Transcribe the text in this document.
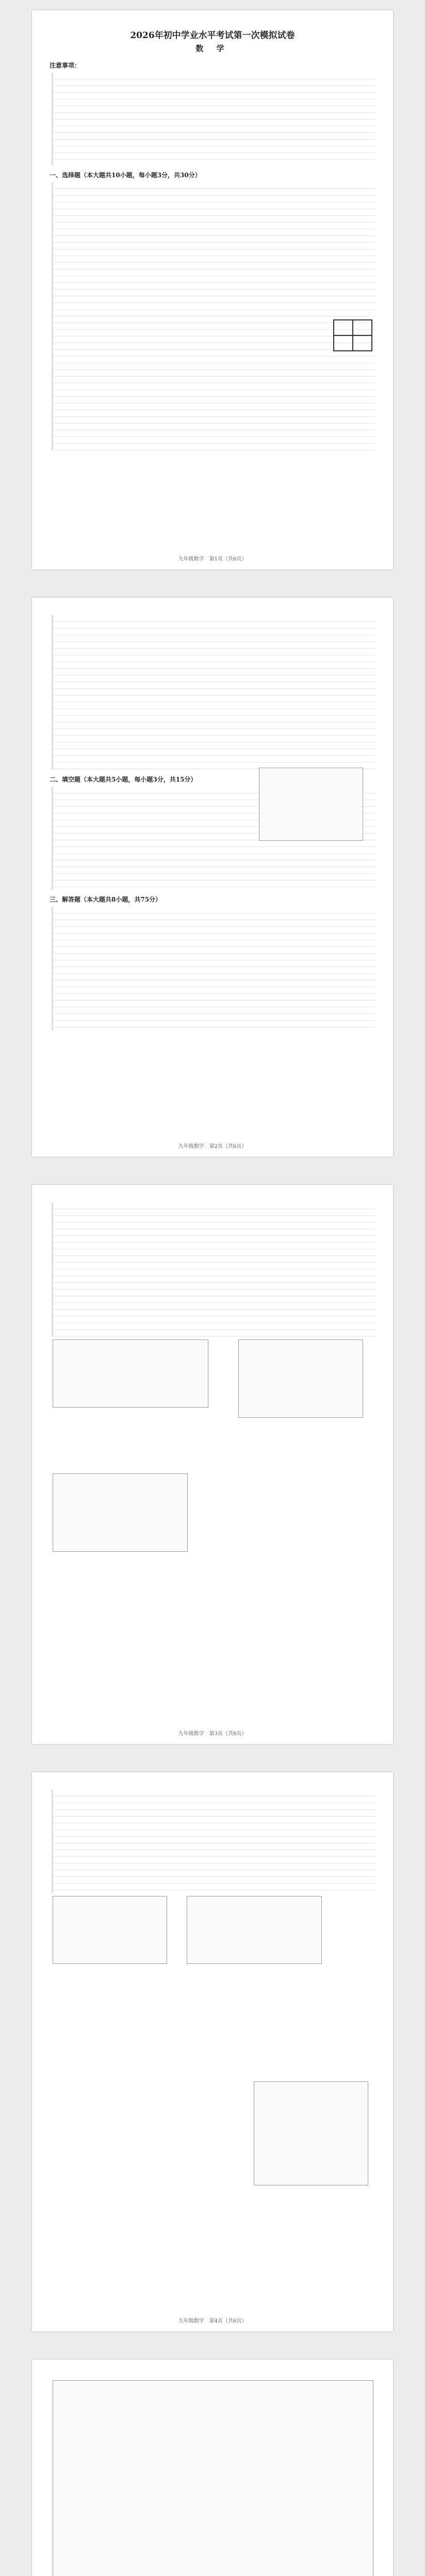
2026年初中学业水平考试第一次模拟试卷
数 学
注意事项：
一、选择题（本大题共10小题，每小题3分，共30分）
九年级数学　第1页（共6页）
二、填空题（本大题共5小题，每小题3分，共15分）
三、解答题（本大题共8小题，共75分）
九年级数学　第2页（共6页）
九年级数学　第3页（共6页）
九年级数学　第4页（共6页）
